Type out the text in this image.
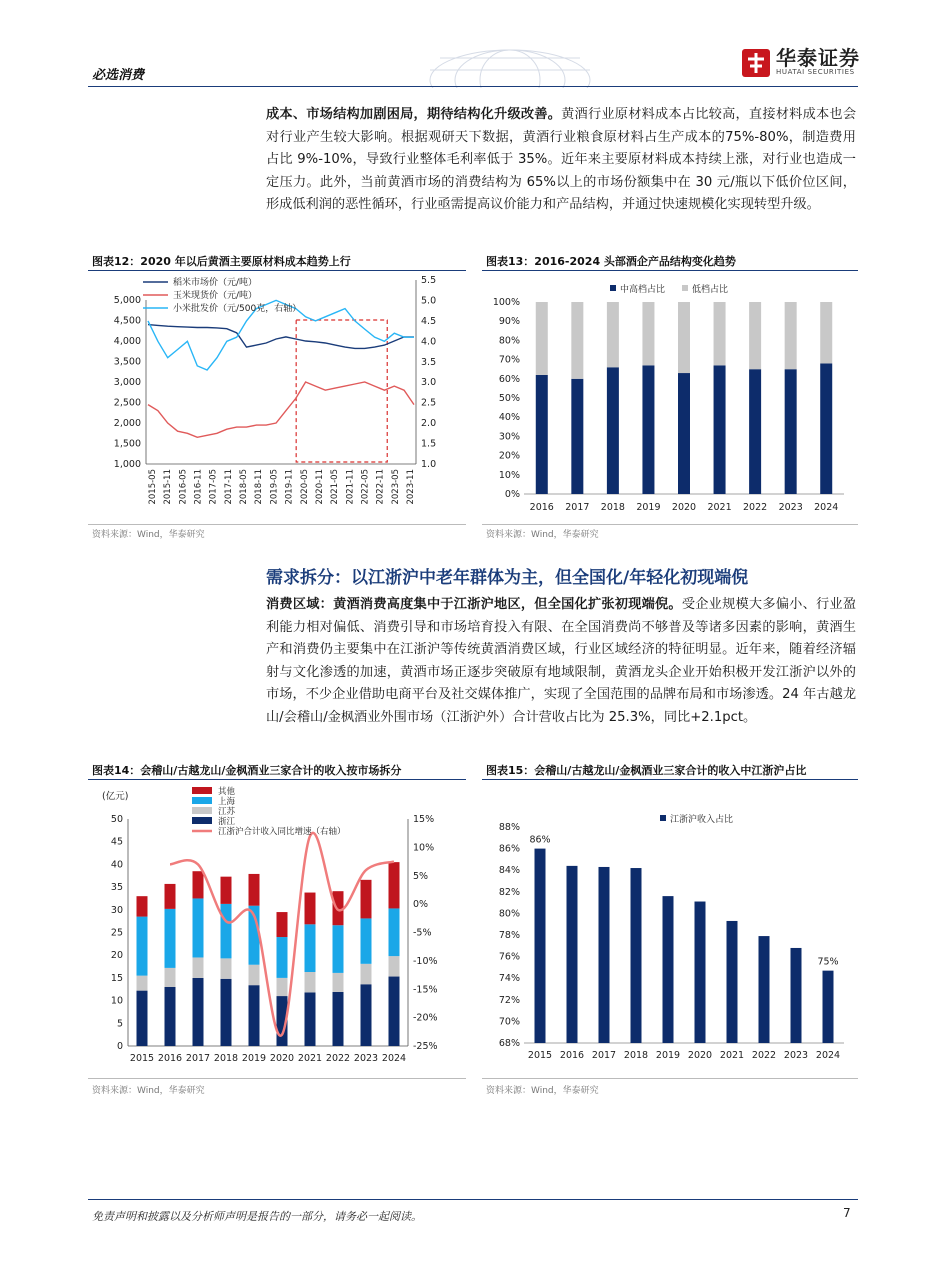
必选消费
华泰证券
HUATAI SECURITIES
成本、市场结构加剧困局，期待结构化升级改善。黄酒行业原材料成本占比较高，直接材料成本也会对行业产生较大影响。根据观研天下数据，黄酒行业粮食原材料占生产成本的75%-80%，制造费用占比 9%-10%，导致行业整体毛利率低于 35%。近年来主要原材料成本持续上涨，对行业也造成一定压力。此外，当前黄酒市场的消费结构为 65%以上的市场份额集中在 30 元/瓶以下低价位区间，形成低利润的恶性循环，行业亟需提高议价能力和产品结构，并通过快速规模化实现转型升级。
图表12：2020 年以后黄酒主要原材料成本趋势上行
5,000
4,500
4,000
3,500
3,000
2,500
2,000
1,500
1,000
5.5
5.0
4.5
4.0
3.5
3.0
2.5
2.0
1.5
1.0
2015-05 2015-11 2016-05 2016-11 2017-05 2017-11 2018-05 2018-11 2019-05 2019-11 2020-05 2020-11 2021-05 2021-11 2022-05 2022-11 2023-05 2023-11
稻米市场价（元/吨）
玉米现货价（元/吨）
小米批发价（元/500克，右轴）
资料来源：Wind，华泰研究
图表13：2016-2024 头部酒企产品结构变化趋势
100%
90%
80%
70%
60%
50%
40%
30%
20%
10%
0%
2016 2017 2018 2019 2020 2021 2022 2023 2024
中高档占比	低档占比
资料来源：Wind，华泰研究
需求拆分：以江浙沪中老年群体为主，但全国化/年轻化初现端倪
消费区域：黄酒消费高度集中于江浙沪地区，但全国化扩张初现端倪。受企业规模大多偏小、行业盈利能力相对偏低、消费引导和市场培育投入有限、在全国消费尚不够普及等诸多因素的影响，黄酒生产和消费仍主要集中在江浙沪等传统黄酒消费区域，行业区域经济的特征明显。近年来，随着经济辐射与文化渗透的加速，黄酒市场正逐步突破原有地域限制，黄酒龙头企业开始积极开发江浙沪以外的市场，不少企业借助电商平台及社交媒体推广，实现了全国范围的品牌布局和市场渗透。24 年古越龙山/会稽山/金枫酒业外围市场（江浙沪外）合计营收占比为 25.3%，同比+2.1pct。
图表14：会稽山/古越龙山/金枫酒业三家合计的收入按市场拆分
(亿元)
50
45
40
35
30
25
20
15
10
5
0
15%
10%
5%
0%
-5%
-10%
-15%
-20%
-25%
2015 2016 2017 2018 2019 2020 2021 2022 2023 2024
其他
上海
江苏
浙江
江浙沪合计收入同比增速（右轴）
资料来源：Wind，华泰研究
图表15：会稽山/古越龙山/金枫酒业三家合计的收入中江浙沪占比
88%
86%
84%
82%
80%
78%
76%
74%
72%
70%
68%
2015 2016 2017 2018 2019 2020 2021 2022 2023 2024
86%
75%
江浙沪收入占比
资料来源：Wind，华泰研究
免责声明和披露以及分析师声明是报告的一部分，请务必一起阅读。	7
